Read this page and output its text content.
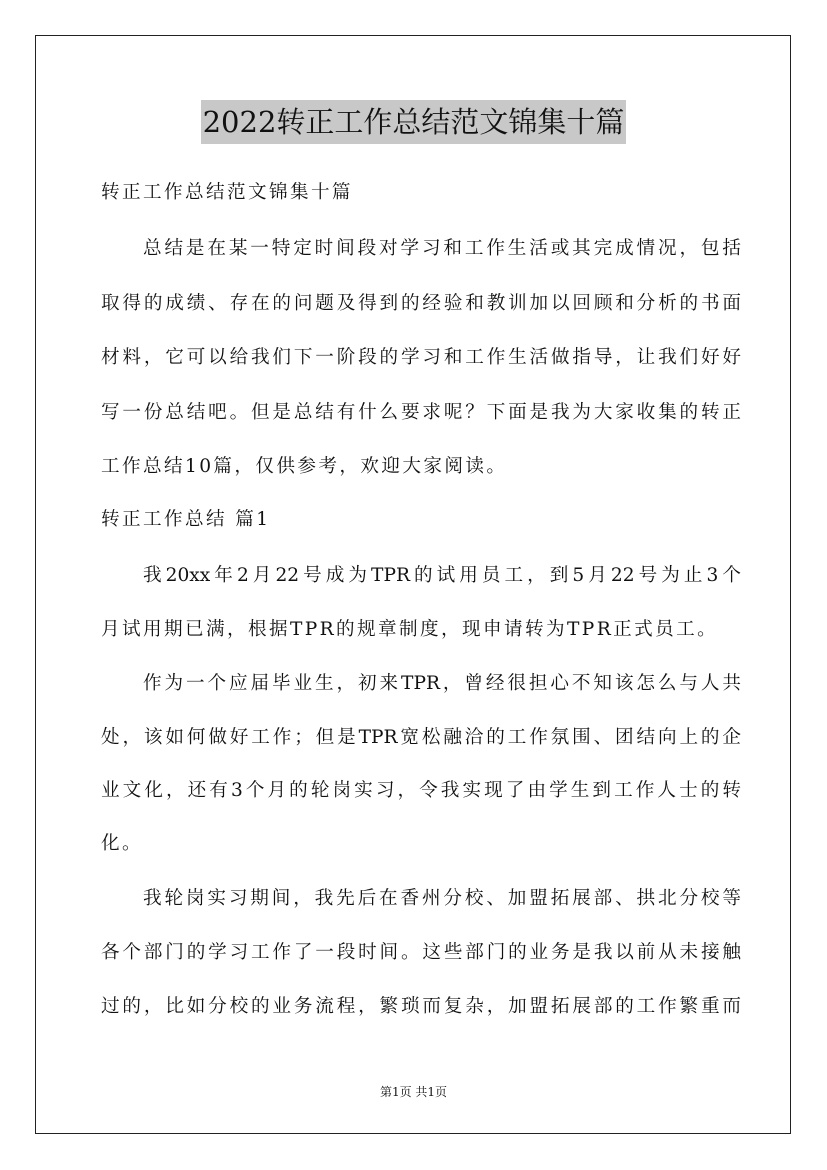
2022转正工作总结范文锦集十篇
转正工作总结范文锦集十篇
总结是在某一特定时间段对学习和工作生活或其完成情况，包括
取得的成绩、存在的问题及得到的经验和教训加以回顾和分析的书面
材料，它可以给我们下一阶段的学习和工作生活做指导，让我们好好
写一份总结吧。但是总结有什么要求呢？下面是我为大家收集的转正
工作总结10篇，仅供参考，欢迎大家阅读。
转正工作总结 篇1
我20xx年2月22号成为TPR的试用员工，到5月22号为止3个
月试用期已满，根据TPR的规章制度，现申请转为TPR正式员工。
作为一个应届毕业生，初来TPR，曾经很担心不知该怎么与人共
处，该如何做好工作；但是TPR宽松融洽的工作氛围、团结向上的企
业文化，还有3个月的轮岗实习，令我实现了由学生到工作人士的转
化。
我轮岗实习期间，我先后在香州分校、加盟拓展部、拱北分校等
各个部门的学习工作了一段时间。这些部门的业务是我以前从未接触
过的，比如分校的业务流程，繁琐而复杂，加盟拓展部的工作繁重而
第1页 共1页
